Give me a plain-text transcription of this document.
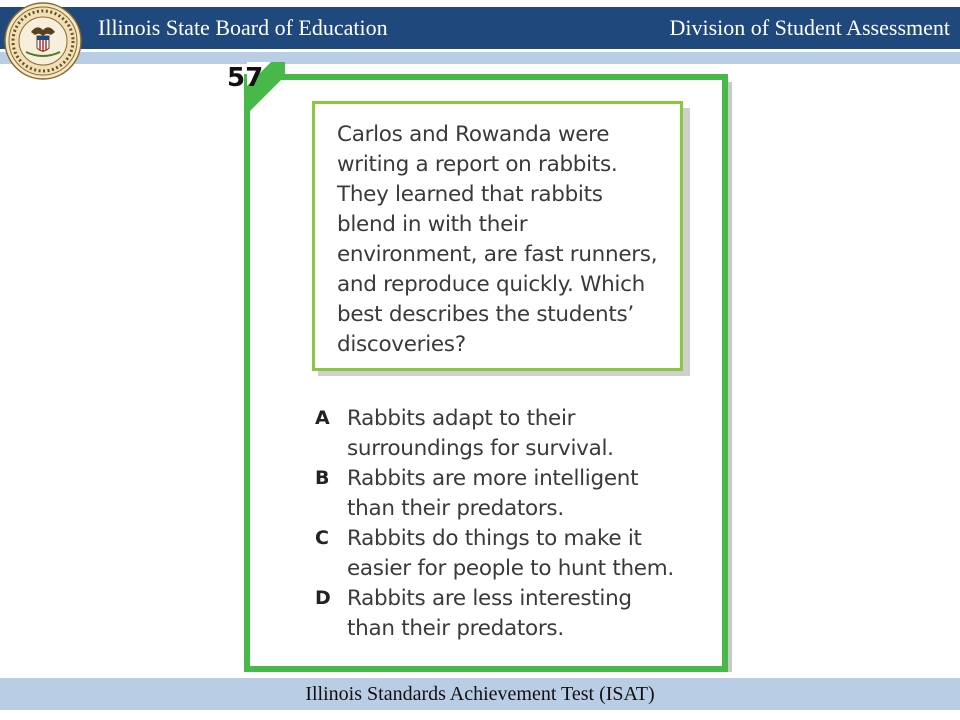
Illinois State Board of Education	Division of Student Assessment
57

Carlos and Rowanda were
writing a report on rabbits.
They learned that rabbits
blend in with their
environment, are fast runners,
and reproduce quickly. Which
best describes the students’
discoveries?

A Rabbits adapt to their
surroundings for survival.
B Rabbits are more intelligent
than their predators.
C Rabbits do things to make it
easier for people to hunt them.
D Rabbits are less interesting
than their predators.
Illinois Standards Achievement Test (ISAT)
